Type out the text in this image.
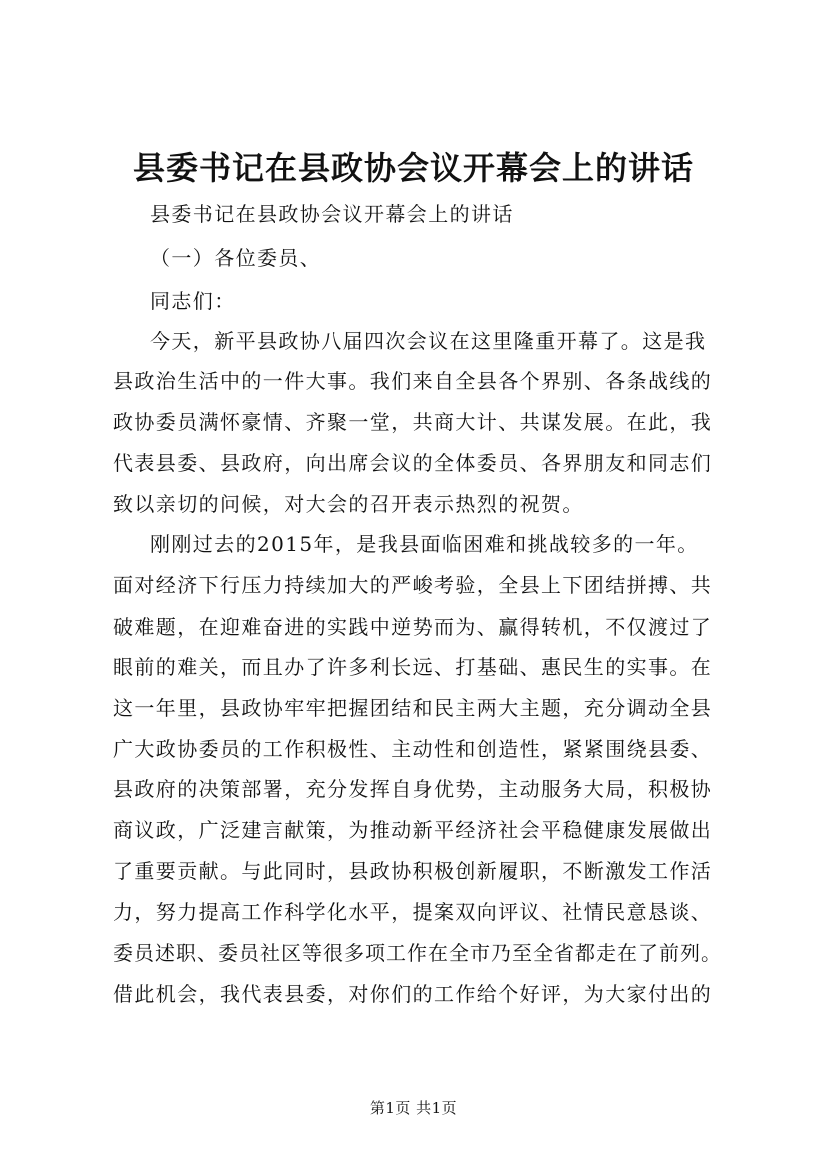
县委书记在县政协会议开幕会上的讲话
县委书记在县政协会议开幕会上的讲话
（一）各位委员、
同志们：
今天，新平县政协八届四次会议在这里隆重开幕了。这是我
县政治生活中的一件大事。我们来自全县各个界别、各条战线的
政协委员满怀豪情、齐聚一堂，共商大计、共谋发展。在此，我
代表县委、县政府，向出席会议的全体委员、各界朋友和同志们
致以亲切的问候，对大会的召开表示热烈的祝贺。
刚刚过去的2015年，是我县面临困难和挑战较多的一年。
面对经济下行压力持续加大的严峻考验，全县上下团结拼搏、共
破难题，在迎难奋进的实践中逆势而为、赢得转机，不仅渡过了
眼前的难关，而且办了许多利长远、打基础、惠民生的实事。在
这一年里，县政协牢牢把握团结和民主两大主题，充分调动全县
广大政协委员的工作积极性、主动性和创造性，紧紧围绕县委、
县政府的决策部署，充分发挥自身优势，主动服务大局，积极协
商议政，广泛建言献策，为推动新平经济社会平稳健康发展做出
了重要贡献。与此同时，县政协积极创新履职，不断激发工作活
力，努力提高工作科学化水平，提案双向评议、社情民意恳谈、
委员述职、委员社区等很多项工作在全市乃至全省都走在了前列。
借此机会，我代表县委，对你们的工作给个好评，为大家付出的
第1页 共1页
